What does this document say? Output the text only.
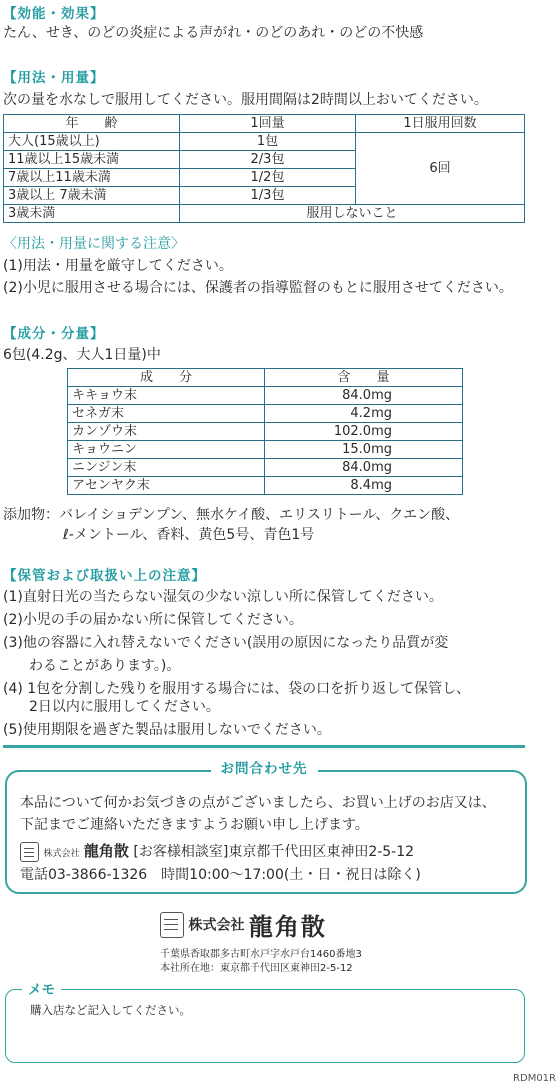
【効能・効果】
たん、せき、のどの炎症による声がれ・のどのあれ・のどの不快感
【用法・用量】
次の量を水なしで服用してください。服用間隔は2時間以上おいてください。
年　　齢	1回量	1日服用回数
大人(15歳以上)	1包	6回
11歳以上15歳未満	2/3包	
7歳以上11歳未満	1/2包	
3歳以上 7歳未満	1/3包	
3歳未満	服用しないこと	
〈用法・用量に関する注意〉
(1)用法・用量を厳守してください。
(2)小児に服用させる場合には、保護者の指導監督のもとに服用させてください。
【成分・分量】
6包(4.2g、大人1日量)中
成　　分	含　　量
キキョウ末	84.0mg
セネガ末	4.2mg
カンゾウ末	102.0mg
キョウニン	15.0mg
ニンジン末	84.0mg
アセンヤク末	8.4mg
添加物：バレイショデンプン、無水ケイ酸、エリスリトール、クエン酸、
ℓ-メントール、香料、黄色5号、青色1号
【保管および取扱い上の注意】
(1)直射日光の当たらない湿気の少ない涼しい所に保管してください。
(2)小児の手の届かない所に保管してください。
(3)他の容器に入れ替えないでください(誤用の原因になったり品質が変
わることがあります。)。
(4) 1包を分割した残りを服用する場合には、袋の口を折り返して保管し、
2日以内に服用してください。
(5)使用期限を過ぎた製品は服用しないでください。
お問合わせ先
本品について何かお気づきの点がございましたら、お買い上げのお店又は、
下記までご連絡いただきますようお願い申し上げます。
株式会社 龍角散 [お客様相談室]東京都千代田区東神田2-5-12
電話03-3866-1326　時間10:00〜17:00(土・日・祝日は除く)
株式会社 龍角散
千葉県香取郡多古町水戸字水戸台1460番地3
本社所在地：東京都千代田区東神田2-5-12
メモ
購入店など記入してください。
RDM01R
